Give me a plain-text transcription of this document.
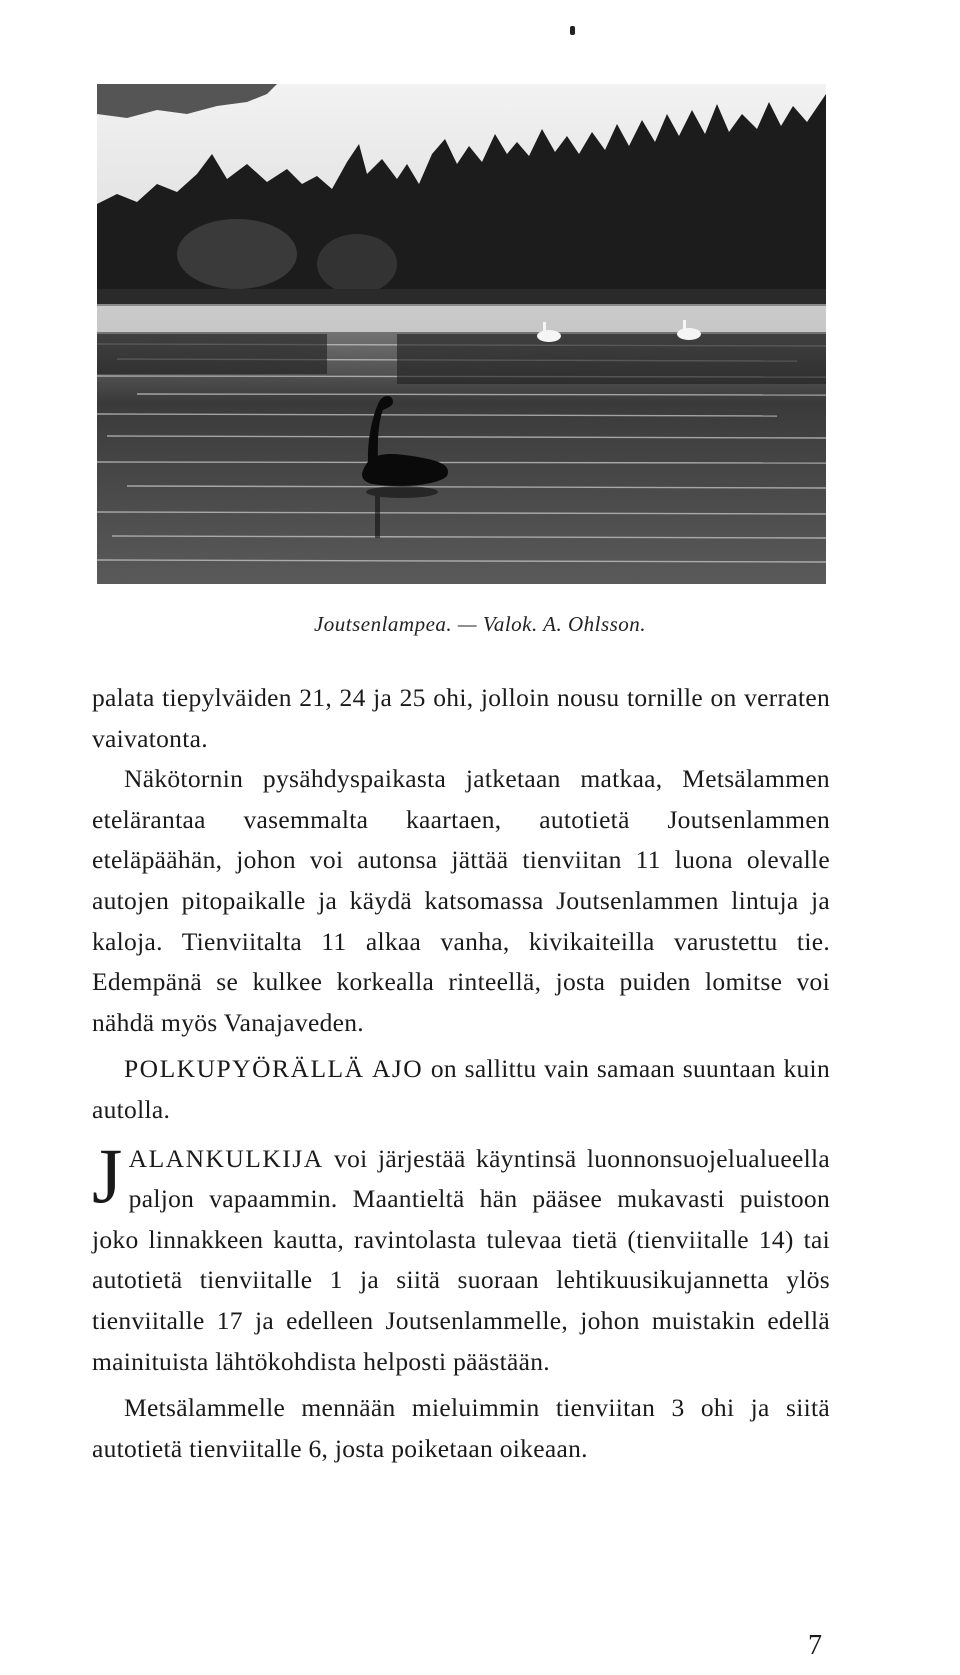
Joutsenlampea. — Valok. A. Ohlsson.

palata tiepylväiden 21, 24 ja 25 ohi, jolloin nousu tornille on verraten vaivatonta.

Näkötornin pysähdyspaikasta jatketaan matkaa, Metsälammen etelärantaa vasemmalta kaartaen, autotietä Joutsenlammen eteläpäähän, johon voi autonsa jättää tienviitan 11 luona olevalle autojen pitopaikalle ja käydä katsomassa Joutsenlammen lintuja ja kaloja. Tienviitalta 11 alkaa vanha, kivikaiteilla varustettu tie. Edempänä se kulkee korkealla rinteellä, josta puiden lomitse voi nähdä myös Vanajaveden.

POLKUPYÖRÄLLÄ AJO on sallittu vain samaan suuntaan kuin autolla.

JALANKULKIJA voi järjestää käyntinsä luonnonsuojelualueella paljon vapaammin. Maantieltä hän pääsee mukavasti puistoon joko linnakkeen kautta, ravintolasta tulevaa tietä (tienviitalle 14) tai autotietä tienviitalle 1 ja siitä suoraan lehtikuusikujannetta ylös tienviitalle 17 ja edelleen Joutsenlammelle, johon muistakin edellä mainituista lähtökohdista helposti päästään.

Metsälammelle mennään mieluimmin tienviitan 3 ohi ja siitä autotietä tienviitalle 6, josta poiketaan oikeaan.

7
